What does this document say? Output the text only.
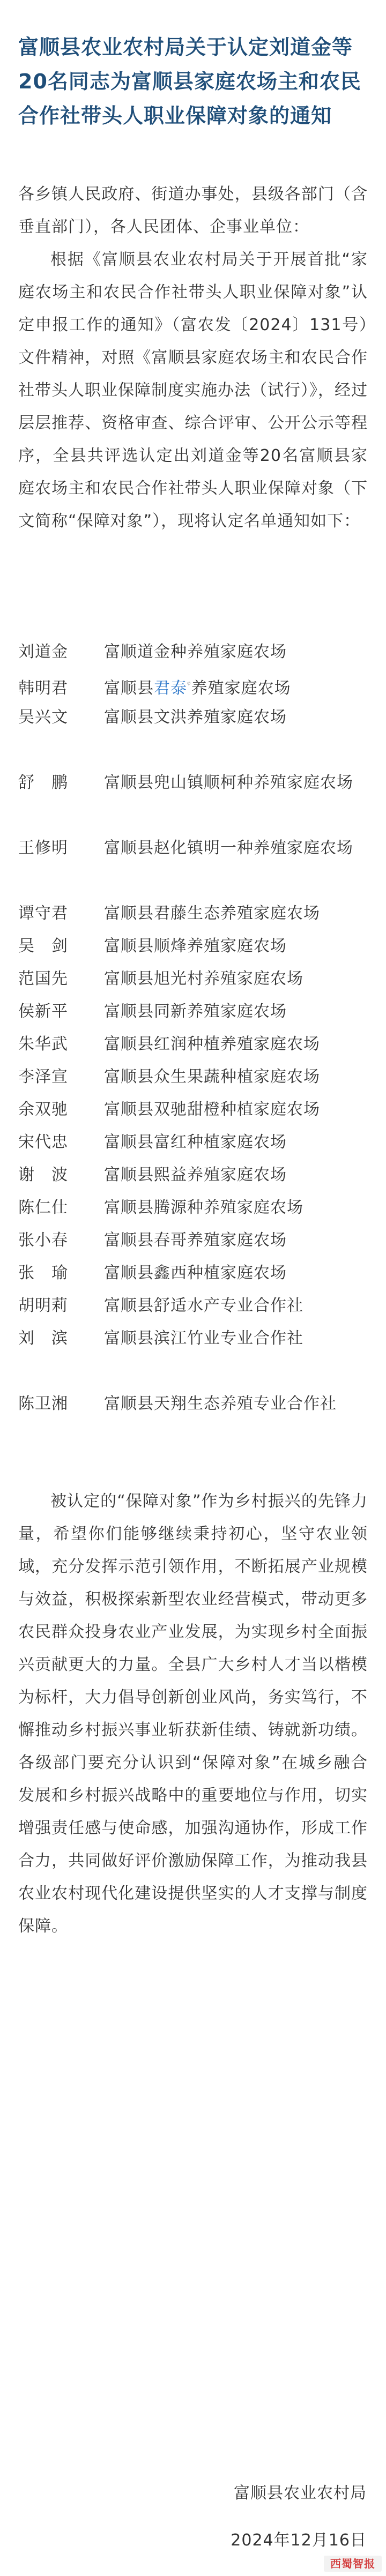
富顺县农业农村局关于认定刘道金等20名同志为富顺县家庭农场主和农民合作社带头人职业保障对象的通知
各乡镇人民政府、街道办事处，县级各部门（含垂直部门），各人民团体、企事业单位：
根据《富顺县农业农村局关于开展首批“家庭农场主和农民合作社带头人职业保障对象”认定申报工作的通知》（富农发〔2024〕131号）文件精神，对照《富顺县家庭农场主和农民合作社带头人职业保障制度实施办法（试行）》，经过层层推荐、资格审查、综合评审、公开公示等程序，全县共评选认定出刘道金等20名富顺县家庭农场主和农民合作社带头人职业保障对象（下文简称“保障对象”），现将认定名单通知如下：
刘道金 富顺道金种养殖家庭农场
韩明君 富顺县君泰$^ᵠ$养殖家庭农场
吴兴文 富顺县文洪养殖家庭农场
舒　鹏 富顺县兜山镇顺柯种养殖家庭农场
王修明 富顺县赵化镇明一种养殖家庭农场
谭守君 富顺县君藤生态养殖家庭农场
吴　剑 富顺县顺烽养殖家庭农场
范国先 富顺县旭光村养殖家庭农场
侯新平 富顺县同新养殖家庭农场
朱华武 富顺县红润种植养殖家庭农场
李泽宣 富顺县众生果蔬种植家庭农场
余双驰 富顺县双驰甜橙种植家庭农场
宋代忠 富顺县富红种植家庭农场
谢　波 富顺县熙益养殖家庭农场
陈仁仕 富顺县腾源种养殖家庭农场
张小春 富顺县春哥养殖家庭农场
张　瑜 富顺县鑫西种植家庭农场
胡明莉 富顺县舒适水产专业合作社
刘　滨 富顺县滨江竹业专业合作社
陈卫湘 富顺县天翔生态养殖专业合作社
被认定的“保障对象”作为乡村振兴的先锋力量，希望你们能够继续秉持初心，坚守农业领域，充分发挥示范引领作用，不断拓展产业规模与效益，积极探索新型农业经营模式，带动更多农民群众投身农业产业发展，为实现乡村全面振兴贡献更大的力量。全县广大乡村人才当以楷模为标杆，大力倡导创新创业风尚，务实笃行，不懈推动乡村振兴事业斩获新佳绩、铸就新功绩。各级部门要充分认识到“保障对象”在城乡融合发展和乡村振兴战略中的重要地位与作用，切实增强责任感与使命感，加强沟通协作，形成工作合力，共同做好评价激励保障工作，为推动我县农业农村现代化建设提供坚实的人才支撑与制度保障。
富顺县农业农村局
2024年12月16日
西蜀智报
